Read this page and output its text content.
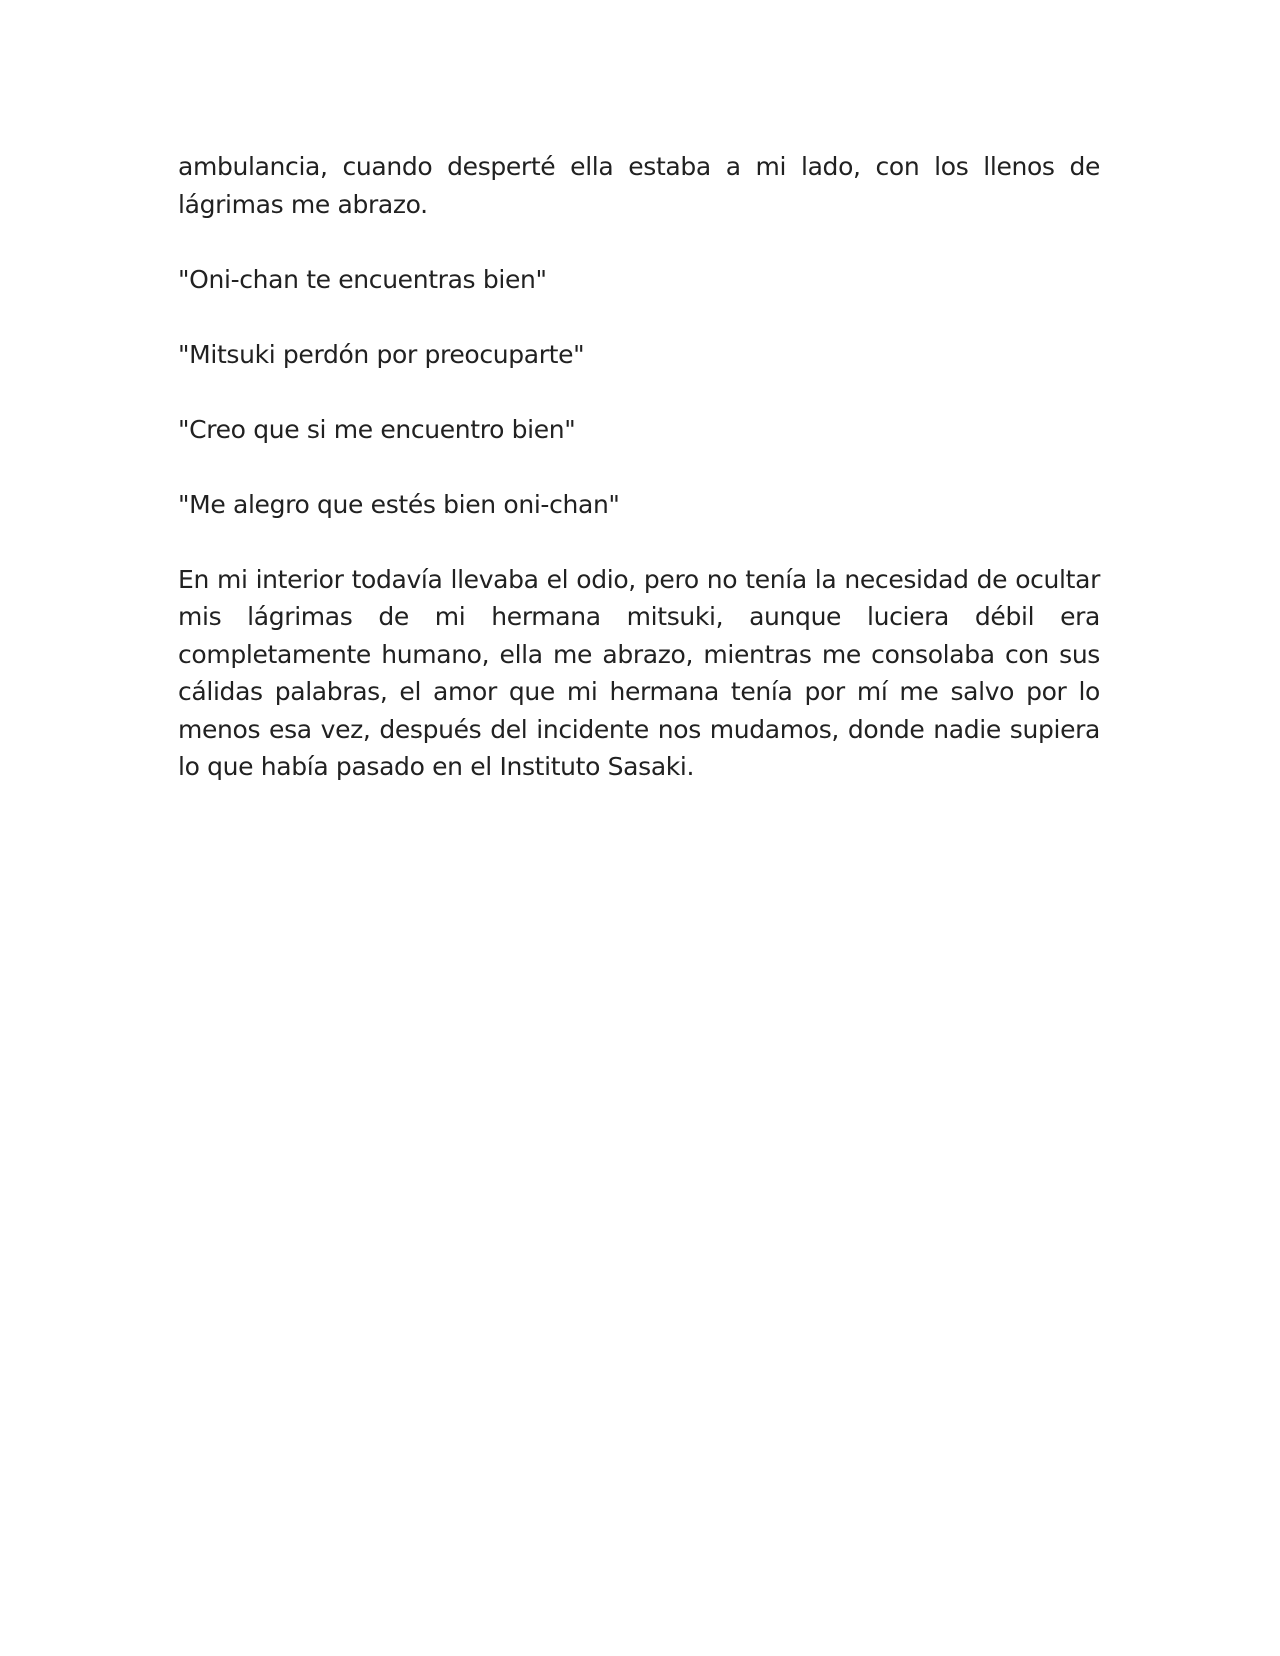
ambulancia, cuando desperté ella estaba a mi lado, con los llenos de lágrimas me abrazo.

"Oni-chan te encuentras bien"

"Mitsuki perdón por preocuparte"

"Creo que si me encuentro bien"

"Me alegro que estés bien oni-chan"

En mi interior todavía llevaba el odio, pero no tenía la necesidad de ocultar mis lágrimas de mi hermana mitsuki, aunque luciera débil era completamente humano, ella me abrazo, mientras me consolaba con sus cálidas palabras, el amor que mi hermana tenía por mí me salvo por lo menos esa vez, después del incidente nos mudamos, donde nadie supiera lo que había pasado en el Instituto Sasaki.
